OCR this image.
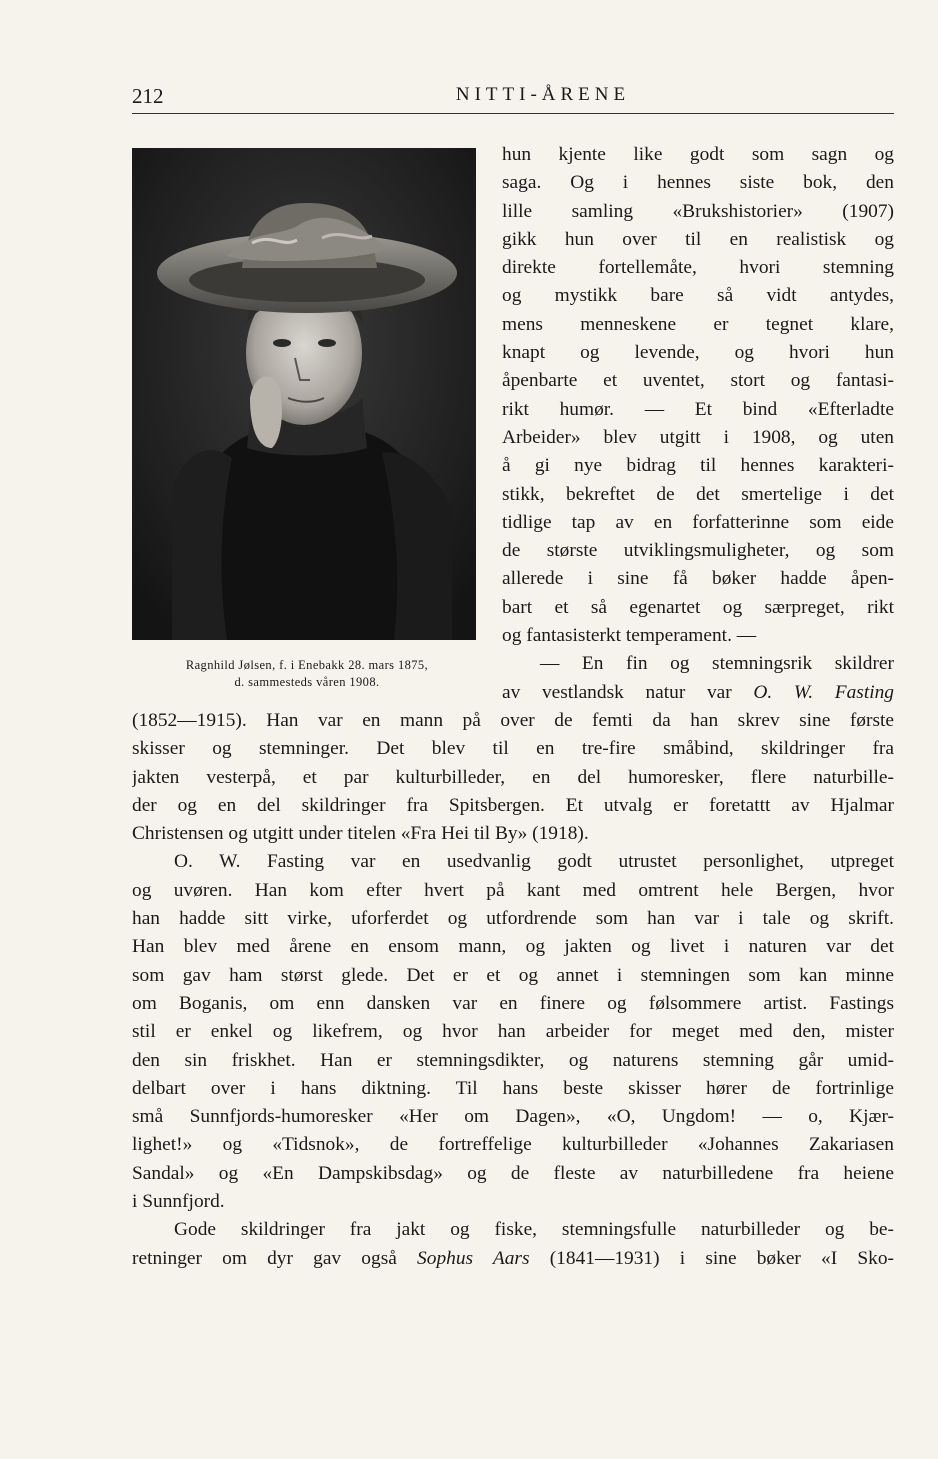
212	NITTI-ÅRENE
Ragnhild Jølsen, f. i Enebakk 28. mars 1875,
d. sammesteds våren 1908.
hun kjente like godt som sagn og
saga. Og i hennes siste bok, den
lille samling «Brukshistorier» (1907)
gikk hun over til en realistisk og
direkte fortellemåte, hvori stemning
og mystikk bare så vidt antydes,
mens menneskene er tegnet klare,
knapt og levende, og hvori hun
åpenbarte et uventet, stort og fantasi-
rikt humør. — Et bind «Efterladte
Arbeider» blev utgitt i 1908, og uten
å gi nye bidrag til hennes karakteri-
stikk, bekreftet de det smertelige i det
tidlige tap av en forfatterinne som eide
de største utviklingsmuligheter, og som
allerede i sine få bøker hadde åpen-
bart et så egenartet og særpreget, rikt
og fantasisterkt temperament. —
— En fin og stemningsrik skildrer
av vestlandsk natur var O. W. Fasting
(1852—1915). Han var en mann på over de femti da han skrev sine første
skisser og stemninger. Det blev til en tre-fire småbind, skildringer fra
jakten vesterpå, et par kulturbilleder, en del humoresker, flere naturbille-
der og en del skildringer fra Spitsbergen. Et utvalg er foretattt av Hjalmar
Christensen og utgitt under titelen «Fra Hei til By» (1918).
O. W. Fasting var en usedvanlig godt utrustet personlighet, utpreget
og uvøren. Han kom efter hvert på kant med omtrent hele Bergen, hvor
han hadde sitt virke, uforferdet og utfordrende som han var i tale og skrift.
Han blev med årene en ensom mann, og jakten og livet i naturen var det
som gav ham størst glede. Det er et og annet i stemningen som kan minne
om Boganis, om enn dansken var en finere og følsommere artist. Fastings
stil er enkel og likefrem, og hvor han arbeider for meget med den, mister
den sin friskhet. Han er stemningsdikter, og naturens stemning går umid-
delbart over i hans diktning. Til hans beste skisser hører de fortrinlige
små Sunnfjords-humoresker «Her om Dagen», «O, Ungdom! — o, Kjær-
lighet!» og «Tidsnok», de fortreffelige kulturbilleder «Johannes Zakariasen
Sandal» og «En Dampskibsdag» og de fleste av naturbilledene fra heiene
i Sunnfjord.
Gode skildringer fra jakt og fiske, stemningsfulle naturbilleder og be-
retninger om dyr gav også Sophus Aars (1841—1931) i sine bøker «I Sko-
